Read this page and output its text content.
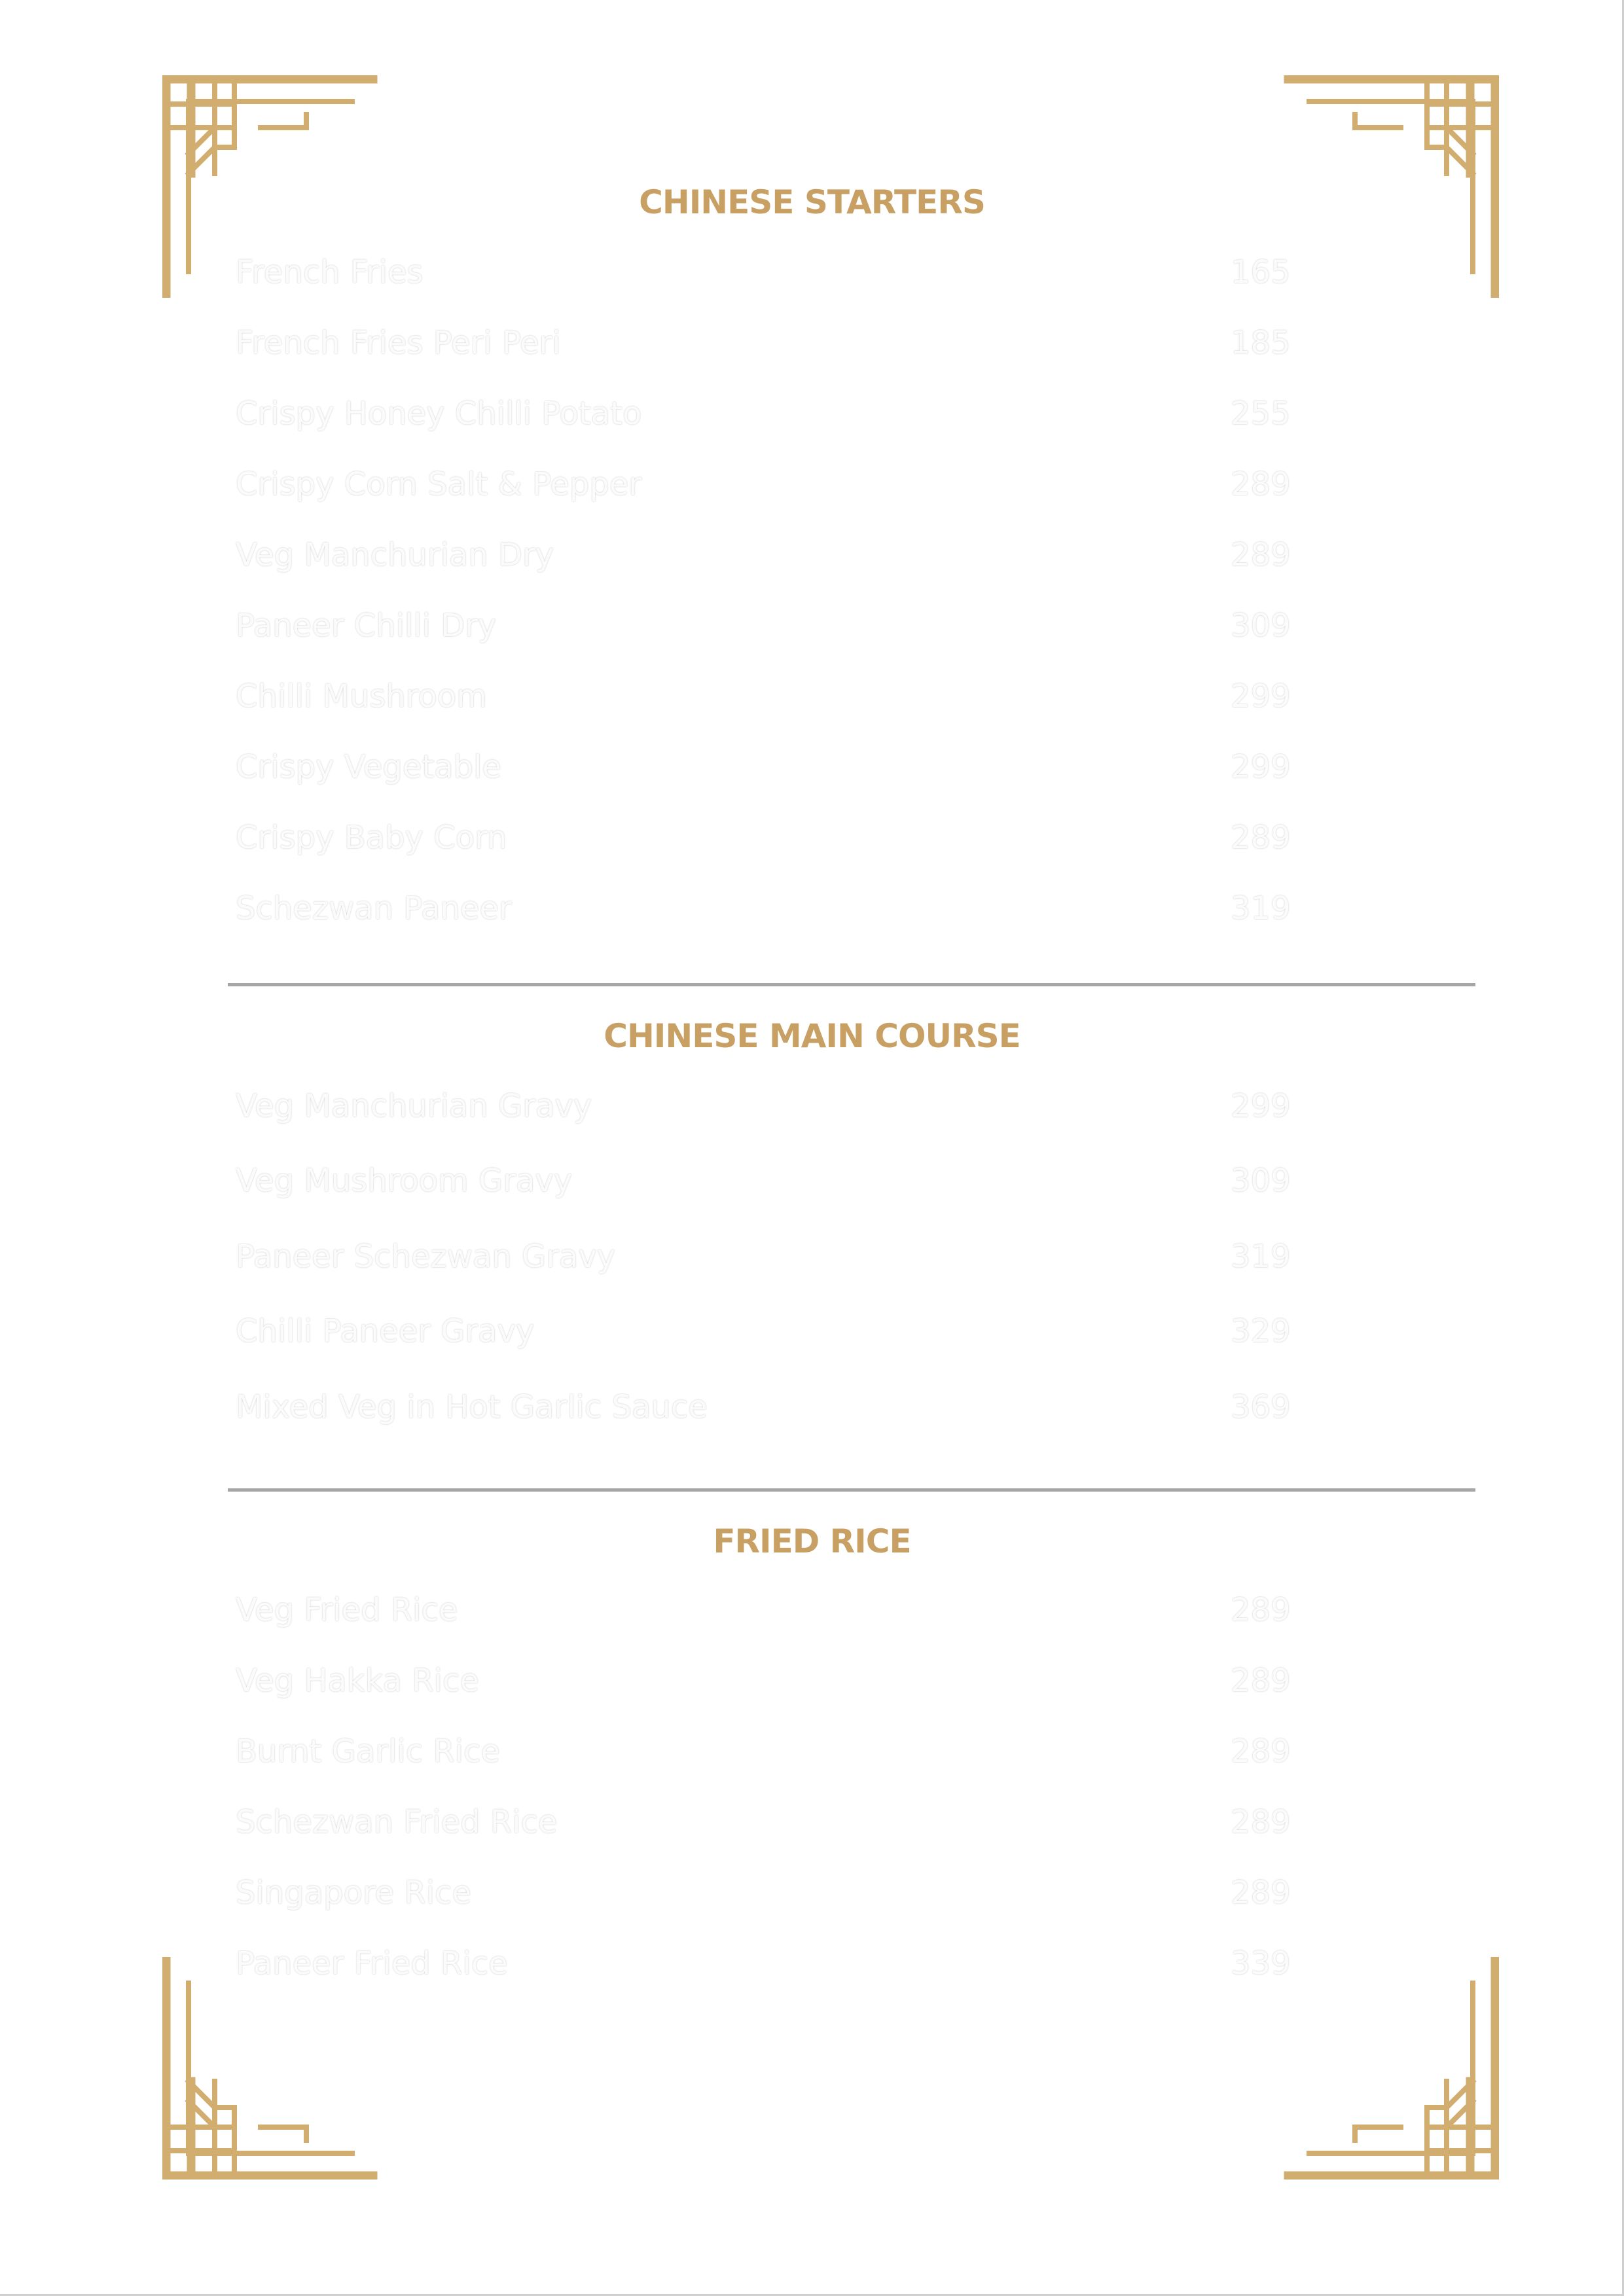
CHINESE STARTERS
French Fries	165
French Fries Peri Peri	185
Crispy Honey Chilli Potato	255
Crispy Corn Salt & Pepper	289
Veg Manchurian Dry	289
Paneer Chilli Dry	309
Chilli Mushroom	299
Crispy Vegetable	299
Crispy Baby Corn	289
Schezwan Paneer	319
CHINESE MAIN COURSE
Veg Manchurian Gravy	299
Veg Mushroom Gravy	309
Paneer Schezwan Gravy	319
Chilli Paneer Gravy	329
Mixed Veg in Hot Garlic Sauce	369
FRIED RICE
Veg Fried Rice	289
Veg Hakka Rice	289
Burnt Garlic Rice	289
Schezwan Fried Rice	289
Singapore Rice	289
Paneer Fried Rice	339
